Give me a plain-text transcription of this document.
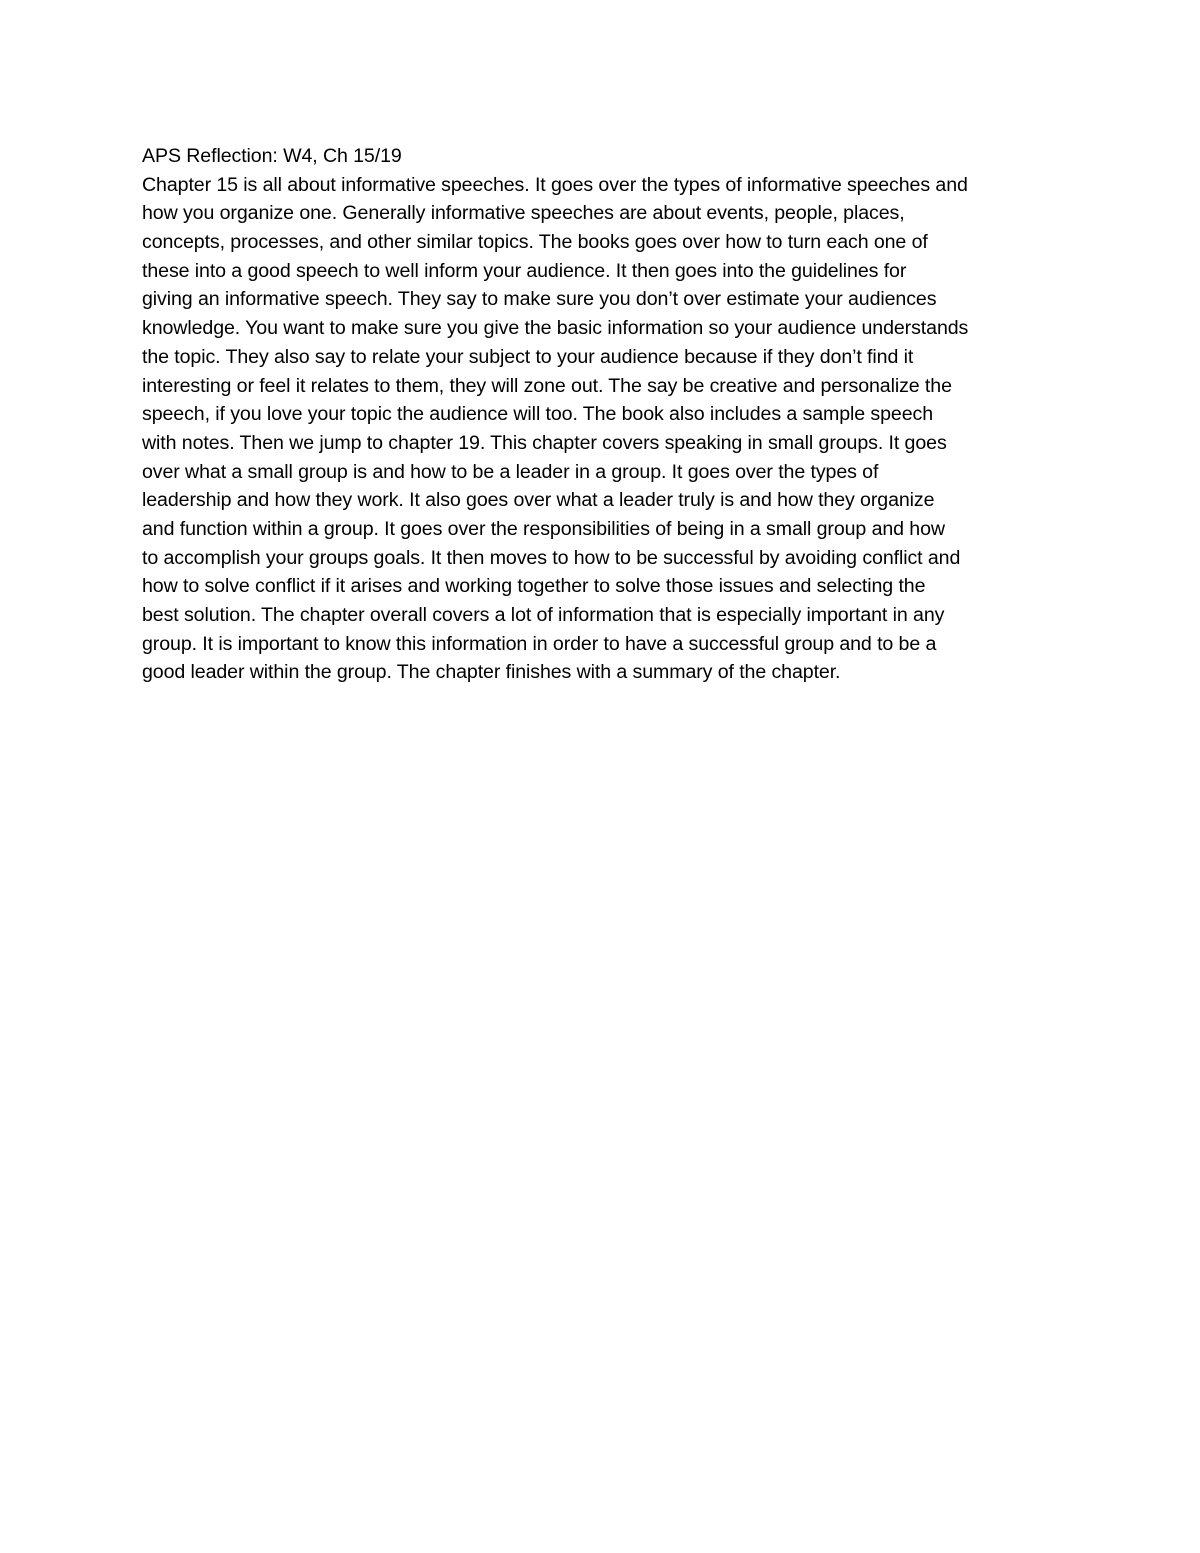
APS Reflection: W4, Ch 15/19
Chapter 15 is all about informative speeches. It goes over the types of informative speeches and
how you organize one. Generally informative speeches are about events, people, places,
concepts, processes, and other similar topics. The books goes over how to turn each one of
these into a good speech to well inform your audience. It then goes into the guidelines for
giving an informative speech. They say to make sure you don’t over estimate your audiences
knowledge. You want to make sure you give the basic information so your audience understands
the topic. They also say to relate your subject to your audience because if they don’t find it
interesting or feel it relates to them, they will zone out. The say be creative and personalize the
speech, if you love your topic the audience will too. The book also includes a sample speech
with notes. Then we jump to chapter 19. This chapter covers speaking in small groups. It goes
over what a small group is and how to be a leader in a group. It goes over the types of
leadership and how they work. It also goes over what a leader truly is and how they organize
and function within a group. It goes over the responsibilities of being in a small group and how
to accomplish your groups goals. It then moves to how to be successful by avoiding conflict and
how to solve conflict if it arises and working together to solve those issues and selecting the
best solution. The chapter overall covers a lot of information that is especially important in any
group. It is important to know this information in order to have a successful group and to be a
good leader within the group. The chapter finishes with a summary of the chapter.
